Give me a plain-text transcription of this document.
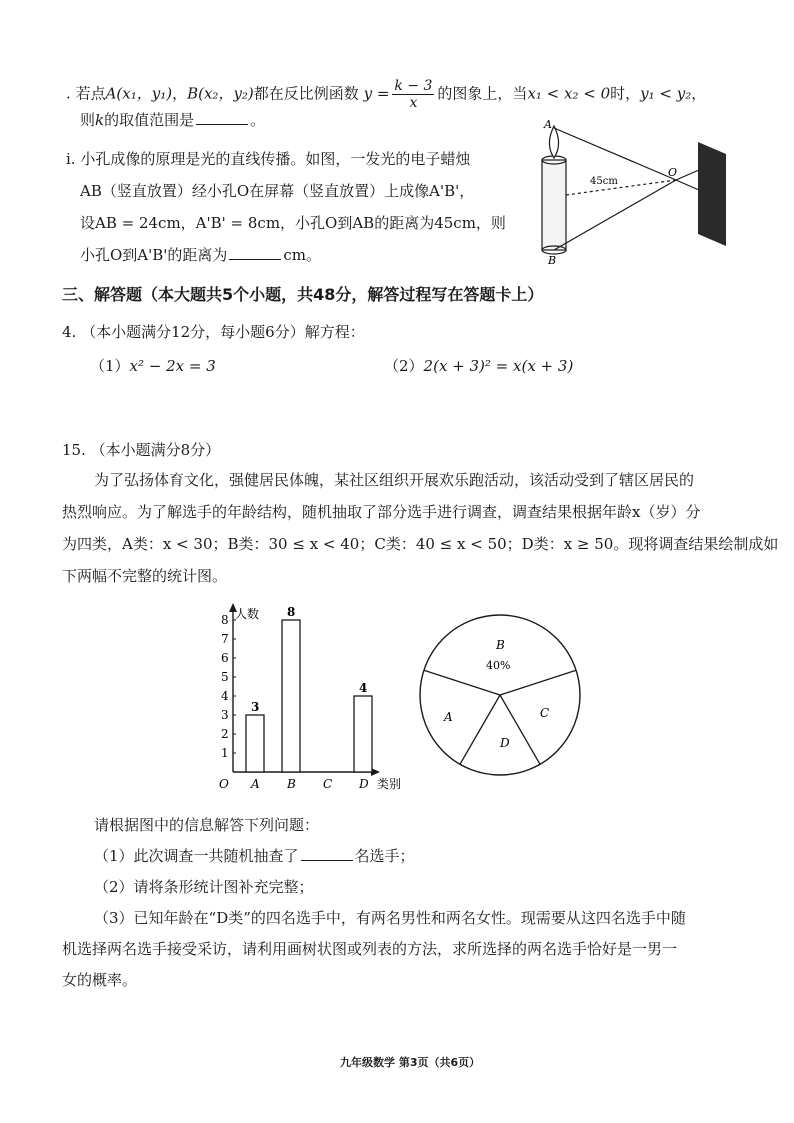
. 若点A(x₁，y₁)，B(x₂，y₂)都在反比例函数 $y = \frac{k - 3}{x}$ 的图象上，当x₁ < x₂ < 0时，y₁ < y₂，
则k的取值范围是	。
i. 小孔成像的原理是光的直线传播。如图，一发光的电子蜡烛
AB（竖直放置）经小孔O在屏幕（竖直放置）上成像A'B'，
设AB = 24cm，A'B' = 8cm，小孔O到AB的距离为45cm，则
小孔O到A'B'的距离为	cm。
A
B
O
45cm
三、解答题（本大题共5个小题，共48分，解答过程写在答题卡上）
4. （本小题满分12分，每小题6分）解方程：
（1）x² − 2x = 3	（2）2(x + 3)² = x(x + 3)
15. （本小题满分8分）
为了弘扬体育文化，强健居民体魄，某社区组织开展欢乐跑活动，该活动受到了辖区居民的
热烈响应。为了解选手的年龄结构，随机抽取了部分选手进行调查，调查结果根据年龄x（岁）分
为四类，A类：x < 30；B类：30 ≤ x < 40；C类：40 ≤ x < 50；D类：x ≥ 50。现将调查结果绘制成如
下两幅不完整的统计图。
人数
类别
O
1
2
3
4
5
6
7
8
3
A
8
B C
4
D
B
C
D
A
40%
请根据图中的信息解答下列问题：
（1）此次调查一共随机抽查了	名选手；
（2）请将条形统计图补充完整；
（3）已知年龄在“D类”的四名选手中，有两名男性和两名女性。现需要从这四名选手中随
机选择两名选手接受采访，请利用画树状图或列表的方法，求所选择的两名选手恰好是一男一
女的概率。
九年级数学 第3页（共6页）
